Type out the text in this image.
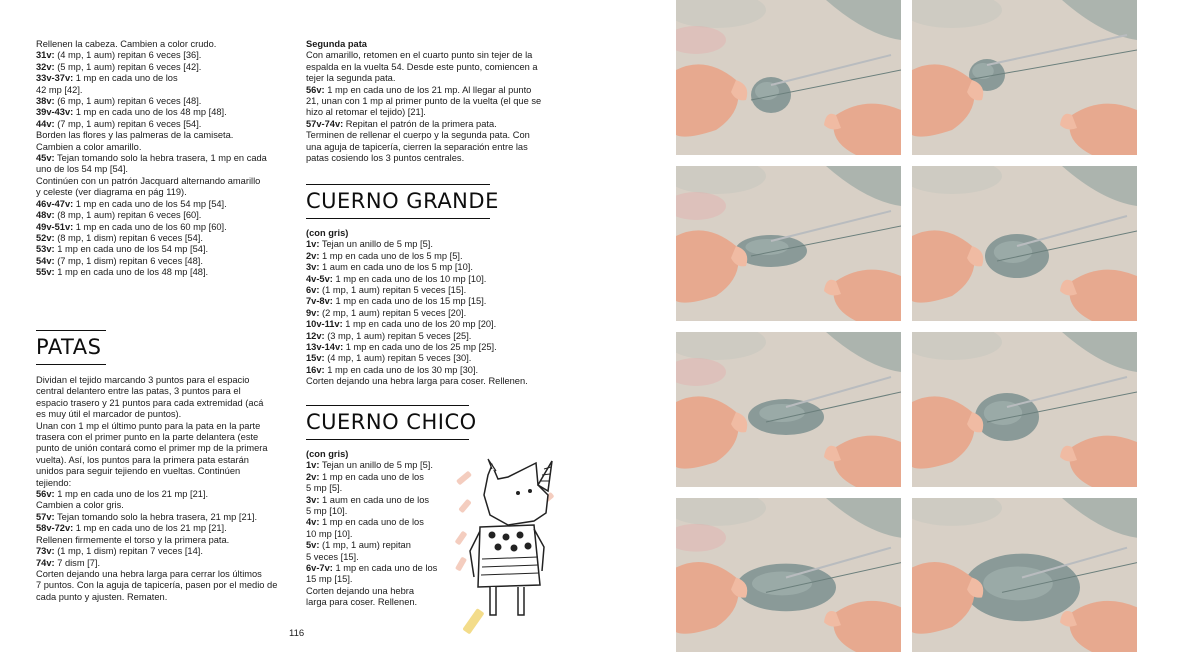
Rellenen la cabeza. Cambien a color crudo.
31v: (4 mp, 1 aum) repitan 6 veces [36].
32v: (5 mp, 1 aum) repitan 6 veces [42].
33v-37v: 1 mp en cada uno de los
42 mp [42].
38v: (6 mp, 1 aum) repitan 6 veces [48].
39v-43v: 1 mp en cada uno de los 48 mp [48].
44v: (7 mp, 1 aum) repitan 6 veces [54].
Borden las flores y las palmeras de la camiseta.
Cambien a color amarillo.
45v: Tejan tomando solo la hebra trasera, 1 mp en cada
uno de los 54 mp [54].
Continúen con un patrón Jacquard alternando amarillo
y celeste (ver diagrama en pág 119).
46v-47v: 1 mp en cada uno de los 54 mp [54].
48v: (8 mp, 1 aum) repitan 6 veces [60].
49v-51v: 1 mp en cada uno de los 60 mp [60].
52v: (8 mp, 1 dism) repitan 6 veces [54].
53v: 1 mp en cada uno de los 54 mp [54].
54v: (7 mp, 1 dism) repitan 6 veces [48].
55v: 1 mp en cada uno de los 48 mp [48].
PATAS
Dividan el tejido marcando 3 puntos para el espacio
central delantero entre las patas, 3 puntos para el
espacio trasero y 21 puntos para cada extremidad (acá
es muy útil el marcador de puntos).
Unan con 1 mp el último punto para la pata en la parte
trasera con el primer punto en la parte delantera (este
punto de unión contará como el primer mp de la primera
vuelta). Así, los puntos para la primera pata estarán
unidos para seguir tejiendo en vueltas. Continúen
tejiendo:
56v: 1 mp en cada uno de los 21 mp [21].
Cambien a color gris.
57v: Tejan tomando solo la hebra trasera, 21 mp [21].
58v-72v: 1 mp en cada uno de los 21 mp [21].
Rellenen firmemente el torso y la primera pata.
73v: (1 mp, 1 dism) repitan 7 veces [14].
74v: 7 dism [7].
Corten dejando una hebra larga para cerrar los últimos
7 puntos. Con la aguja de tapicería, pasen por el medio de
cada punto y ajusten. Rematen.

Segunda pata

Con amarillo, retomen en el cuarto punto sin tejer de la
espalda en la vuelta 54. Desde este punto, comiencen a
tejer la segunda pata.
56v: 1 mp en cada uno de los 21 mp. Al llegar al punto
21, unan con 1 mp al primer punto de la vuelta (el que se
hizo al retomar el tejido) [21].
57v-74v: Repitan el patrón de la primera pata.
Terminen de rellenar el cuerpo y la segunda pata. Con
una aguja de tapicería, cierren la separación entre las
patas cosiendo los 3 puntos centrales.
CUERNO GRANDE

(con gris)

1v: Tejan un anillo de 5 mp [5].
2v: 1 mp en cada uno de los 5 mp [5].
3v: 1 aum en cada uno de los 5 mp [10].
4v-5v: 1 mp en cada uno de los 10 mp [10].
6v: (1 mp, 1 aum) repitan 5 veces [15].
7v-8v: 1 mp en cada uno de los 15 mp [15].
9v: (2 mp, 1 aum) repitan 5 veces [20].
10v-11v: 1 mp en cada uno de los 20 mp [20].
12v: (3 mp, 1 aum) repitan 5 veces [25].
13v-14v: 1 mp en cada uno de los 25 mp [25].
15v: (4 mp, 1 aum) repitan 5 veces [30].
16v: 1 mp en cada uno de los 30 mp [30].
Corten dejando una hebra larga para coser. Rellenen.
CUERNO CHICO

(con gris)

1v: Tejan un anillo de 5 mp [5].
2v: 1 mp en cada uno de los
5 mp [5].
3v: 1 aum en cada uno de los
5 mp [10].
4v: 1 mp en cada uno de los
10 mp [10].
5v: (1 mp, 1 aum) repitan
5 veces [15].
6v-7v: 1 mp en cada uno de los
15 mp [15].
Corten dejando una hebra
larga para coser. Rellenen.
116
